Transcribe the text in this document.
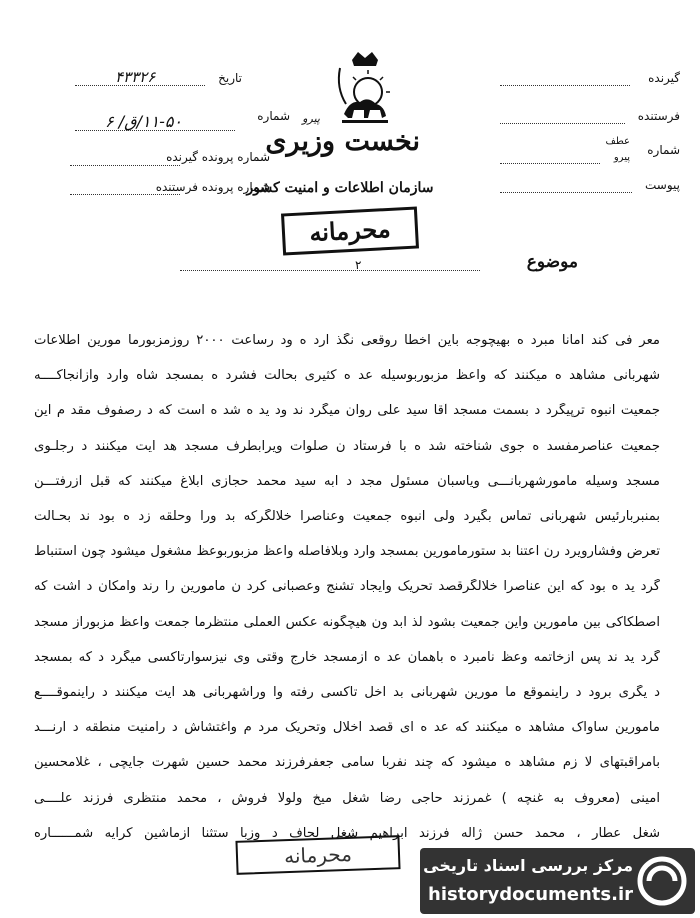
گیرنده
فرستنده
شماره
عطف
پیرو
پیوست
نخست وزیری
سازمان اطلاعات و امنیت کشور
محرمانه
تاریخ
۴۳۳۲۶
پیرو
شماره
۱۱-۵۰/ق/ ۶
شماره پرونده گیرنده
شماره پرونده فرستنده
موضوع
۲
معر فی کند امانا مبرد ه بهیچوجه باین اخطا روقعی نگذ ارد ه ود رساعت ۲۰۰۰ روزمزبورما مورین اطلاعات
شهربانی مشاهد ه میکنند که واعظ مزبوربوسیله عد ه کثیری بحالت فشرد ه بمسجد شاه وارد وازآنجاکــــه
جمعیت انبوه ترپیگرد د بسمت مسجد آقا سید علی روان میگرد ند ود ید ه شد ه است که د رصفوف مقد م این
جمعیت عناصرمفسد ه جوی شناخته شد ه با فرستاد ن صلوات ویرابطرف مسجد هد ایت میکنند د رجلـوی
مسجد وسیله مامورشهربانـــی ویاسبان مسئول مجد د ابه سید محمد حجازی ابلاغ میکنند که قبل ازرفتـــن
بمنبربارئیس شهربانی تماس بگیرد ولی انبوه جمعیت وعناصرا خلالگرکه بد ورا وحلقه زد ه بود ند بحـالت
تعرض وفشارویرد رن اعتنا بد ستورمامورین بمسجد وارد وبلافاصله واعظ مزبوربوعظ مشغول میشود چون استنباط
گرد ید ه بود که این عناصرا خلالگرقصد تحریک وایجاد تشنج وعصبانی کرد ن مامورین را رند وامکان د اشت که
اصطکاکی بین مامورین واین جمعیت بشود لذ ابد ون هیچگونه عکس العملی منتظرما جمعت واعظ مزبوراز مسجد
گرد ید ند پس ازخاتمه وعظ نامبرد ه باهمان عد ه ازمسجد خارج وقتی وی نیزسوارتاکسی میگرد د که بمسجد
د یگری برود د راینموقع ما مورین شهربانی بد اخل تاکسی رفته وا وراشهربانی هد ایت میکنند د راینموقــــع
مامورین ساواک مشاهد ه میکنند که عد ه ای قصد اخلال وتحریک مرد م واغتشاش د رامنیت منطقه د ارنـــد
بامراقبتهای لا زم مشاهد ه میشود که چند نفربا سامی جعفرفرزند محمد حسین شهرت جایچی ، غلامحسین
امینی (معروف به غنچه ) غمرزند حاجی رضا شغل میخ ولولا فروش ، محمد منتظری فرزند علــــی
شغل عطار ، محمد حسن ژاله فرزند ابراهیم شغل لحاف د وزبا ستثنا ازماشین کرایه شمــــــاره
محرمانه	مرکز بررسی اسناد تاریخی
historydocuments.ir
